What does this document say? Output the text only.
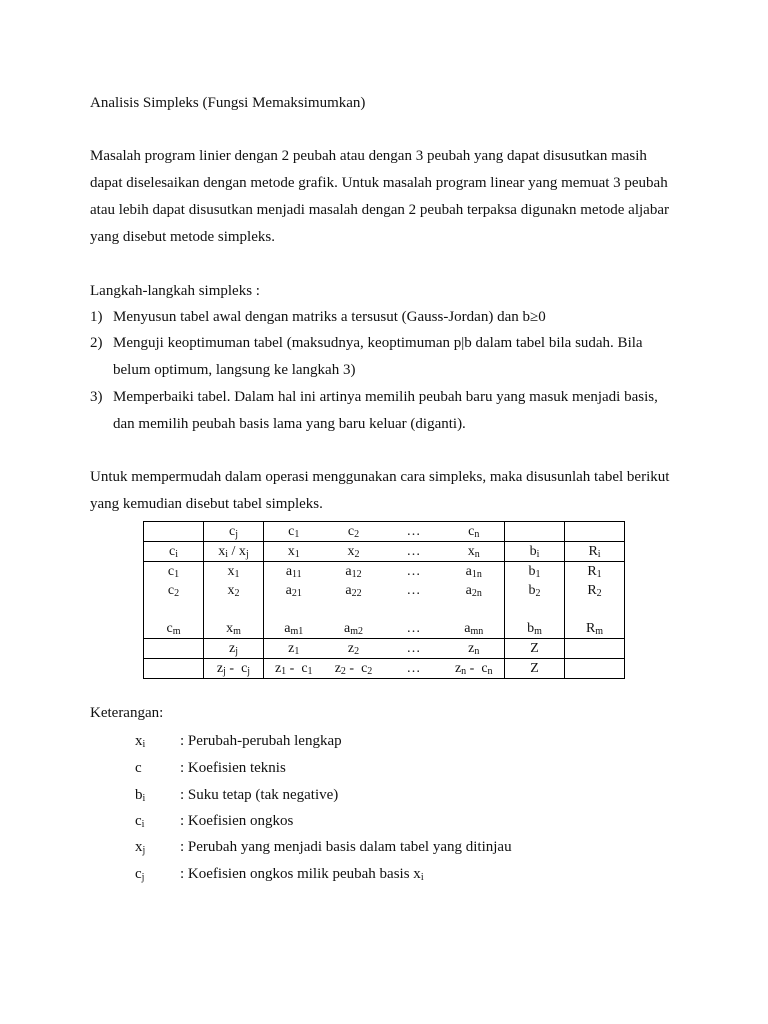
Analisis Simpleks (Fungsi Memaksimumkan)
Masalah program linier dengan 2 peubah atau dengan 3 peubah yang dapat disusutkan masih
dapat diselesaikan dengan metode grafik. Untuk masalah program linear yang memuat 3 peubah
atau lebih dapat disusutkan menjadi masalah dengan 2 peubah terpaksa digunakn metode aljabar
yang disebut metode simpleks.
Langkah-langkah simpleks :
1) Menyusun tabel awal dengan matriks a tersusut (Gauss-Jordan) dan b≥0
2) Menguji keoptimuman tabel (maksudnya, keoptimuman p|b dalam tabel bila sudah. Bila
belum optimum, langsung ke langkah 3)
3) Memperbaiki tabel. Dalam hal ini artinya memilih peubah baru yang masuk menjadi basis,
dan memilih peubah basis lama yang baru keluar (diganti).
Untuk mempermudah dalam operasi menggunakan cara simpleks, maka disusunlah tabel berikut
yang kemudian disebut tabel simpleks.
	$c_j$	$c_1$	$c_2$	…	$c_n$		
$c_i$	$x_i / x_j$	$x_1$	$x_2$	…	$x_n$	$b_i$	$R_i$
$c_1$	$x_1$	$a_{11}$	$a_{12}$	…	$a_{1n}$	$b_1$	$R_1$
$c_2$	$x_2$	$a_{21}$	$a_{22}$	…	$a_{2n}$	$b_2$	$R_2$

$c_m$	$x_m$	$a_{m1}$	$a_{m2}$	…	$a_{mn}$	$b_m$	$R_m$
	$z_j$	$z_1$	$z_2$	…	$z_n$	Z	
	$z_j - c_j$	$z_1 - c_1$	$z_2 - c_2$	…	$z_n - c_n$	Z	
Keterangan:
$x_i$ : Perubah-perubah lengkap
c	: Koefisien teknis
$b_i$ : Suku tetap (tak negative)
$c_i$ : Koefisien ongkos
$x_j$ : Perubah yang menjadi basis dalam tabel yang ditinjau
$c_j$ : Koefisien ongkos milik peubah basis $x_i$
